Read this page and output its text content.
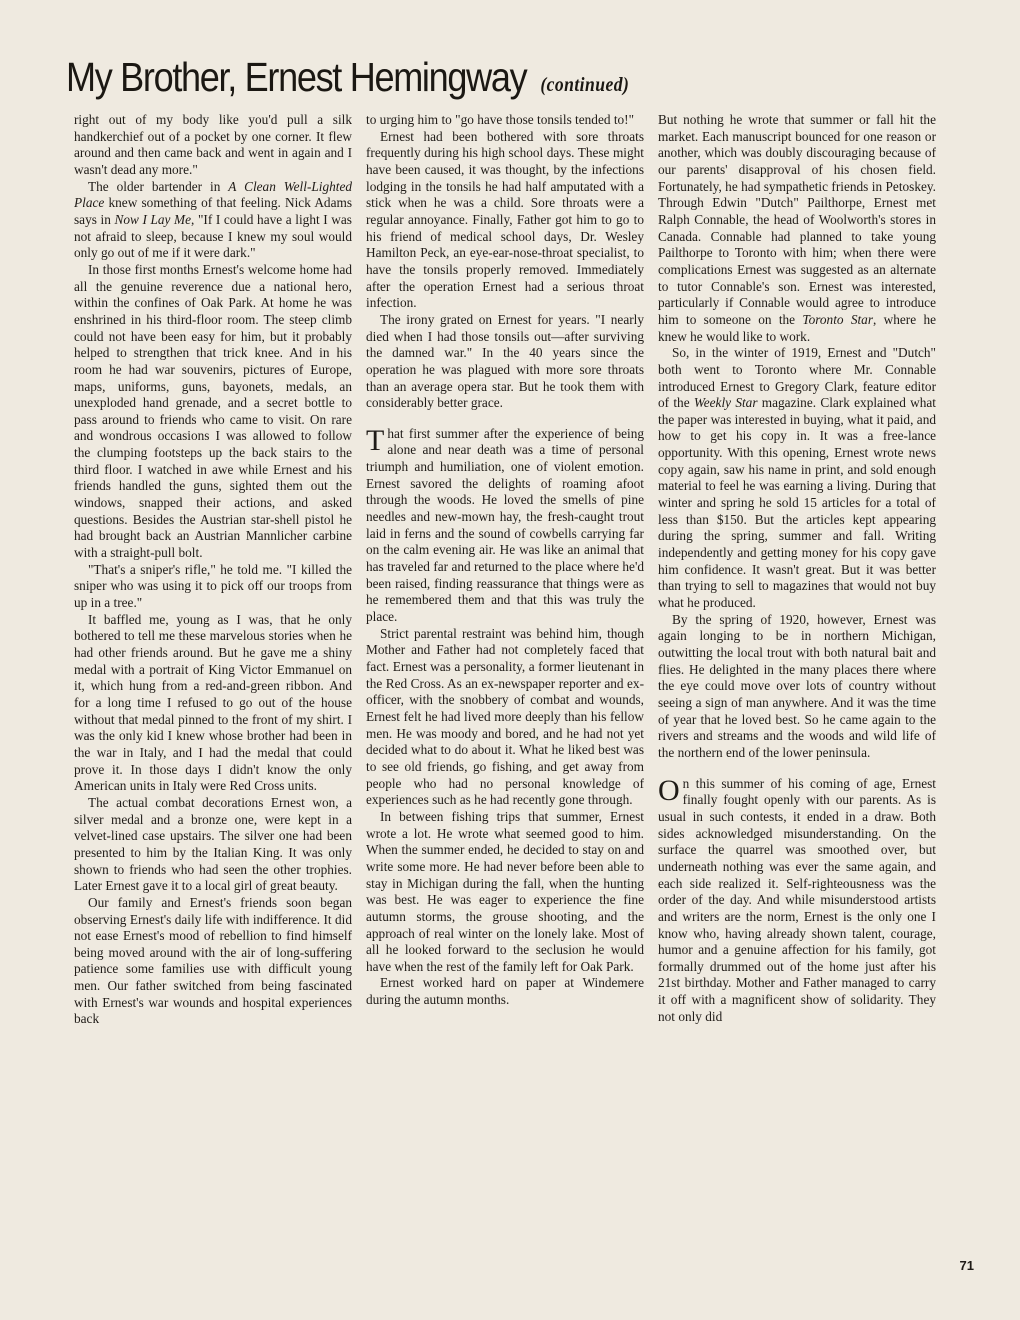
My Brother, Ernest Hemingway (continued)

right out of my body like you'd pull a silk handkerchief out of a pocket by one corner. It flew around and then came back and went in again and I wasn't dead any more."

The older bartender in A Clean Well-Lighted Place knew something of that feeling. Nick Adams says in Now I Lay Me, "If I could have a light I was not afraid to sleep, because I knew my soul would only go out of me if it were dark."

In those first months Ernest's welcome home had all the genuine reverence due a national hero, within the confines of Oak Park. At home he was enshrined in his third-floor room. The steep climb could not have been easy for him, but it probably helped to strengthen that trick knee. And in his room he had war souvenirs, pictures of Europe, maps, uniforms, guns, bayonets, medals, an unexploded hand grenade, and a secret bottle to pass around to friends who came to visit. On rare and wondrous occasions I was allowed to follow the clumping footsteps up the back stairs to the third floor. I watched in awe while Ernest and his friends handled the guns, sighted them out the windows, snapped their actions, and asked questions. Besides the Austrian star-shell pistol he had brought back an Austrian Mannlicher carbine with a straight-pull bolt.

"That's a sniper's rifle," he told me. "I killed the sniper who was using it to pick off our troops from up in a tree."

It baffled me, young as I was, that he only bothered to tell me these marvelous stories when he had other friends around. But he gave me a shiny medal with a portrait of King Victor Emmanuel on it, which hung from a red-and-green ribbon. And for a long time I refused to go out of the house without that medal pinned to the front of my shirt. I was the only kid I knew whose brother had been in the war in Italy, and I had the medal that could prove it. In those days I didn't know the only American units in Italy were Red Cross units.

The actual combat decorations Ernest won, a silver medal and a bronze one, were kept in a velvet-lined case upstairs. The silver one had been presented to him by the Italian King. It was only shown to friends who had seen the other trophies. Later Ernest gave it to a local girl of great beauty.

Our family and Ernest's friends soon began observing Ernest's daily life with indifference. It did not ease Ernest's mood of rebellion to find himself being moved around with the air of long-suffering patience some families use with difficult young men. Our father switched from being fascinated with Ernest's war wounds and hospital experiences back

to urging him to "go have those tonsils tended to!"

Ernest had been bothered with sore throats frequently during his high school days. These might have been caused, it was thought, by the infections lodging in the tonsils he had half amputated with a stick when he was a child. Sore throats were a regular annoyance. Finally, Father got him to go to his friend of medical school days, Dr. Wesley Hamilton Peck, an eye-ear-nose-throat specialist, to have the tonsils properly removed. Immediately after the operation Ernest had a serious throat infection.

The irony grated on Ernest for years. "I nearly died when I had those tonsils out—after surviving the damned war." In the 40 years since the operation he was plagued with more sore throats than an average opera star. But he took them with considerably better grace.

That first summer after the experience of being alone and near death was a time of personal triumph and humiliation, one of violent emotion. Ernest savored the delights of roaming afoot through the woods. He loved the smells of pine needles and new-mown hay, the fresh-caught trout laid in ferns and the sound of cowbells carrying far on the calm evening air. He was like an animal that has traveled far and returned to the place where he'd been raised, finding reassurance that things were as he remembered them and that this was truly the place.

Strict parental restraint was behind him, though Mother and Father had not completely faced that fact. Ernest was a personality, a former lieutenant in the Red Cross. As an ex-newspaper reporter and ex-officer, with the snobbery of combat and wounds, Ernest felt he had lived more deeply than his fellow men. He was moody and bored, and he had not yet decided what to do about it. What he liked best was to see old friends, go fishing, and get away from people who had no personal knowledge of experiences such as he had recently gone through.

In between fishing trips that summer, Ernest wrote a lot. He wrote what seemed good to him. When the summer ended, he decided to stay on and write some more. He had never before been able to stay in Michigan during the fall, when the hunting was best. He was eager to experience the fine autumn storms, the grouse shooting, and the approach of real winter on the lonely lake. Most of all he looked forward to the seclusion he would have when the rest of the family left for Oak Park.

Ernest worked hard on paper at Windemere during the autumn months.

But nothing he wrote that summer or fall hit the market. Each manuscript bounced for one reason or another, which was doubly discouraging because of our parents' disapproval of his chosen field. Fortunately, he had sympathetic friends in Petoskey. Through Edwin "Dutch" Pailthorpe, Ernest met Ralph Connable, the head of Woolworth's stores in Canada. Connable had planned to take young Pailthorpe to Toronto with him; when there were complications Ernest was suggested as an alternate to tutor Connable's son. Ernest was interested, particularly if Connable would agree to introduce him to someone on the Toronto Star, where he knew he would like to work.

So, in the winter of 1919, Ernest and "Dutch" both went to Toronto where Mr. Connable introduced Ernest to Gregory Clark, feature editor of the Weekly Star magazine. Clark explained what the paper was interested in buying, what it paid, and how to get his copy in. It was a free-lance opportunity. With this opening, Ernest wrote news copy again, saw his name in print, and sold enough material to feel he was earning a living. During that winter and spring he sold 15 articles for a total of less than $150. But the articles kept appearing during the spring, summer and fall. Writing independently and getting money for his copy gave him confidence. It wasn't great. But it was better than trying to sell to magazines that would not buy what he produced.

By the spring of 1920, however, Ernest was again longing to be in northern Michigan, outwitting the local trout with both natural bait and flies. He delighted in the many places there where the eye could move over lots of country without seeing a sign of man anywhere. And it was the time of year that he loved best. So he came again to the rivers and streams and the woods and wild life of the northern end of the lower peninsula.

On this summer of his coming of age, Ernest finally fought openly with our parents. As is usual in such contests, it ended in a draw. Both sides acknowledged misunderstanding. On the surface the quarrel was smoothed over, but underneath nothing was ever the same again, and each side realized it. Self-righteousness was the order of the day. And while misunderstood artists and writers are the norm, Ernest is the only one I know who, having already shown talent, courage, humor and a genuine affection for his family, got formally drummed out of the home just after his 21st birthday. Mother and Father managed to carry it off with a magnificent show of solidarity. They not only did

71
